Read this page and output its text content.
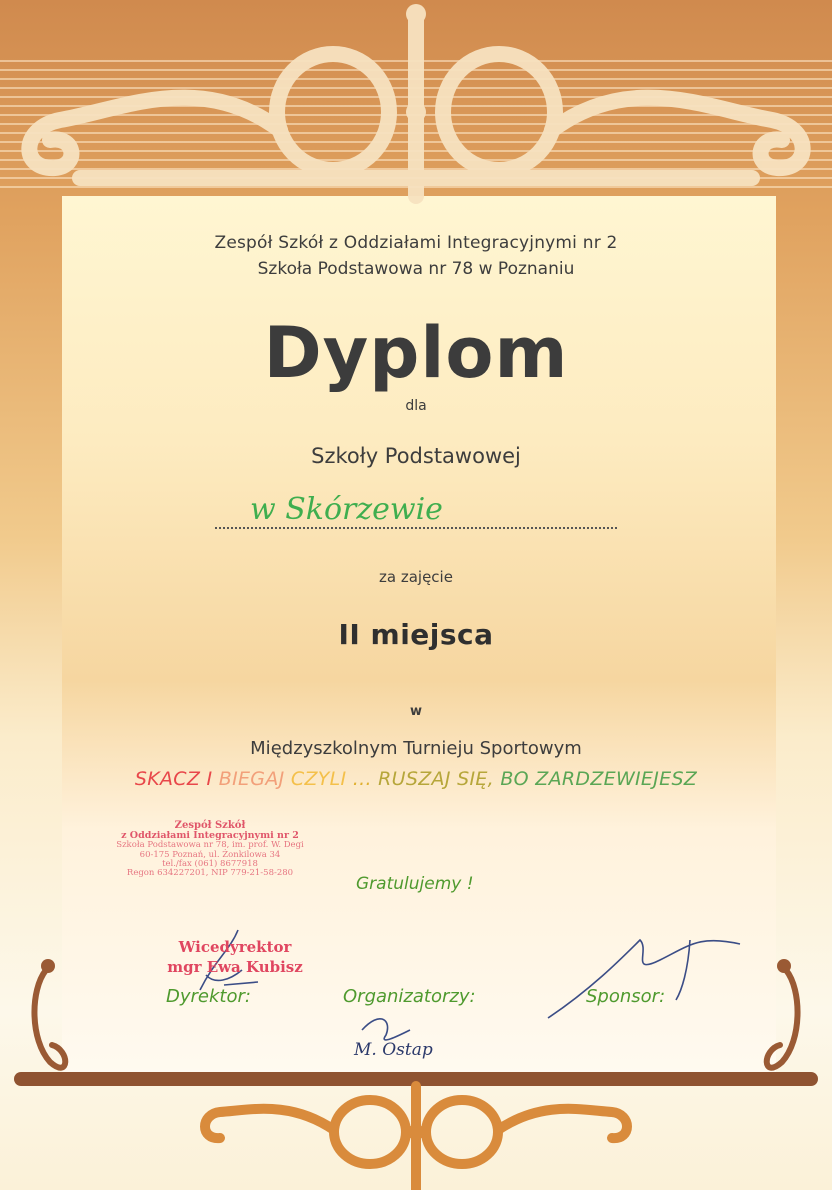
Zespół Szkół z Oddziałami Integracyjnymi nr 2
Szkoła Podstawowa nr 78 w Poznaniu
Dyplom
dla
Szkoły Podstawowej
w Skórzewie
za zajęcie
II miejsca
w
Międzyszkolnym Turnieju Sportowym
SKACZ I BIEGAJ CZYLI ... RUSZAJ SIĘ, BO ZARDZEWIEJESZ
Zespół Szkół
z Oddziałami Integracyjnymi nr 2
Szkoła Podstawowa nr 78, im. prof. W. Degi
60-175 Poznań, ul. Żonkilowa 34
tel./fax (061) 8677918
Regon 634227201, NIP 779-21-58-280
Gratulujemy !
Wicedyrektor
mgr Ewa Kubisz
Dyrektor:	Organizatorzy:	Sponsor:
M. Ostap
